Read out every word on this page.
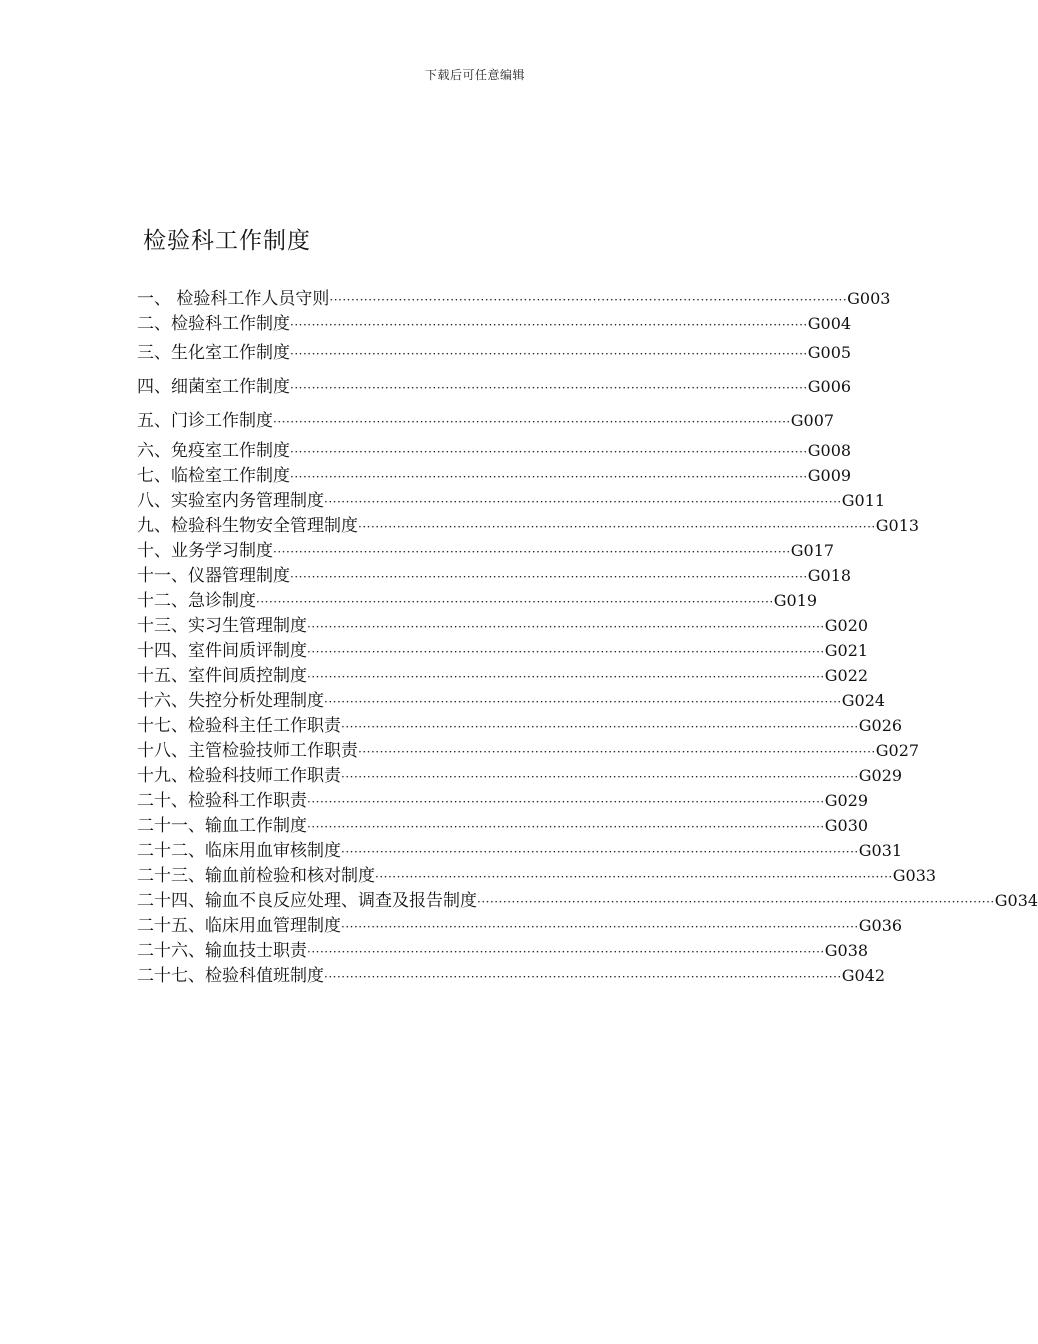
下载后可任意编辑
检验科工作制度
一、 检验科工作人员守则 ························································································································ G003
二、检验科工作制度 ························································································································ G004
三、生化室工作制度 ························································································································ G005
四、细菌室工作制度 ························································································································ G006
五、门诊工作制度 ························································································································ G007
六、免疫室工作制度 ························································································································ G008
七、临检室工作制度 ························································································································ G009
八、实验室内务管理制度 ························································································································ G011
九、检验科生物安全管理制度 ························································································································ G013
十、业务学习制度 ························································································································ G017
十一、仪器管理制度 ························································································································ G018
十二、急诊制度 ························································································································ G019
十三、实习生管理制度 ························································································································ G020
十四、室件间质评制度 ························································································································ G021
十五、室件间质控制度 ························································································································ G022
十六、失控分析处理制度 ························································································································ G024
十七、检验科主任工作职责 ························································································································ G026
十八、主管检验技师工作职责 ························································································································ G027
十九、检验科技师工作职责 ························································································································ G029
二十、检验科工作职责 ························································································································ G029
二十一、输血工作制度 ························································································································ G030
二十二、临床用血审核制度 ························································································································ G031
二十三、输血前检验和核对制度 ························································································································ G033
二十四、输血不良反应处理、调查及报告制度 ························································································································ G034
二十五、临床用血管理制度 ························································································································ G036
二十六、输血技士职责 ························································································································ G038
二十七、检验科值班制度 ························································································································ G042
